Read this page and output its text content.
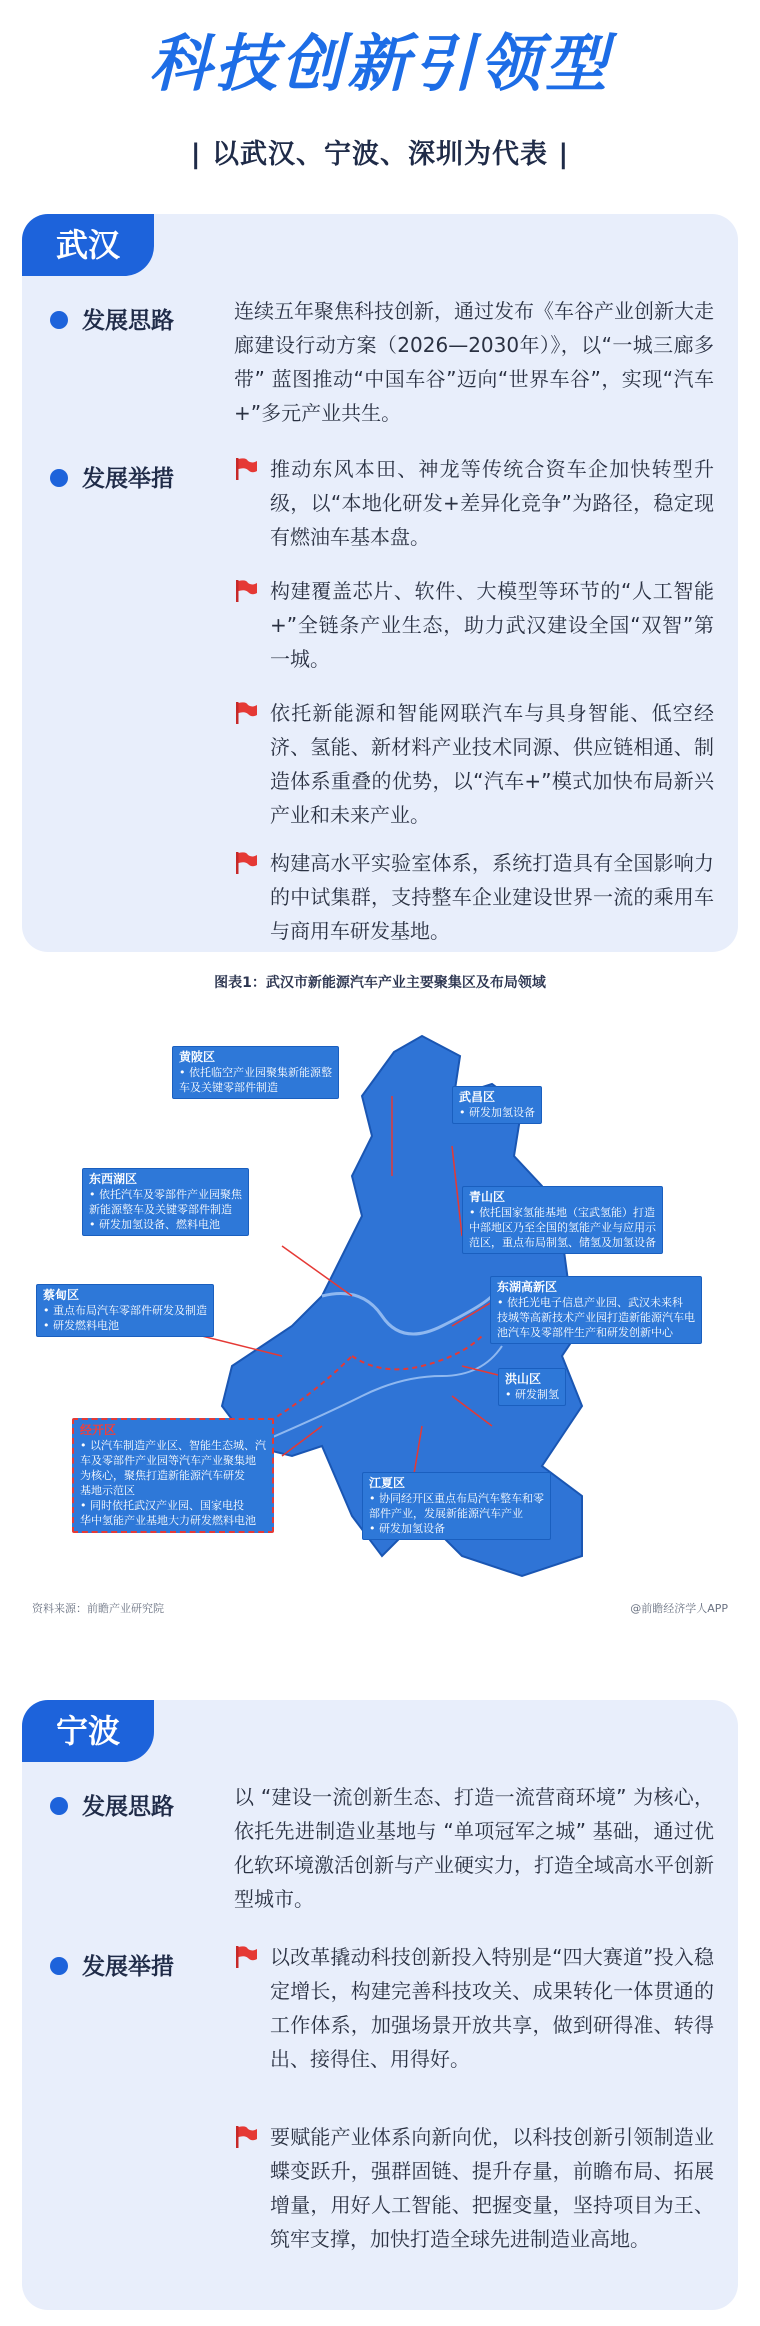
科技创新引领型
| 以武汉、宁波、深圳为代表 |
武汉
发展思路	连续五年聚焦科技创新，通过发布《车谷产业创新大走廊建设行动方案（2026—2030年）》，以“一城三廊多带” 蓝图推动“中国车谷”迈向“世界车谷”，实现“汽车+”多元产业共生。
发展举措	推动东风本田、神龙等传统合资车企加快转型升级，以“本地化研发+差异化竞争”为路径，稳定现有燃油车基本盘。
构建覆盖芯片、软件、大模型等环节的“人工智能+”全链条产业生态，助力武汉建设全国“双智”第一城。
依托新能源和智能网联汽车与具身智能、低空经济、氢能、新材料产业技术同源、供应链相通、制造体系重叠的优势，以“汽车+”模式加快布局新兴产业和未来产业。
构建高水平实验室体系，系统打造具有全国影响力的中试集群，支持整车企业建设世界一流的乘用车与商用车研发基地。
图表1：武汉市新能源汽车产业主要聚集区及布局领域
黄陂区
• 依托临空产业园聚集新能源整
车及关键零部件制造
武昌区
• 研发加氢设备
东西湖区
• 依托汽车及零部件产业园聚焦
新能源整车及关键零部件制造
• 研发加氢设备、燃料电池
青山区
• 依托国家氢能基地（宝武氢能）打造
中部地区乃至全国的氢能产业与应用示
范区，重点布局制氢、储氢及加氢设备
蔡甸区
• 重点布局汽车零部件研发及制造
• 研发燃料电池
东湖高新区
• 依托光电子信息产业园、武汉未来科
技城等高新技术产业园打造新能源汽车电
池汽车及零部件生产和研发创新中心
洪山区
• 研发制氢
经开区
• 以汽车制造产业区、智能生态城、汽
车及零部件产业园等汽车产业聚集地
为核心，聚焦打造新能源汽车研发
基地示范区
• 同时依托武汉产业园、国家电投
华中氢能产业基地大力研发燃料电池
江夏区
• 协同经开区重点布局汽车整车和零
部件产业，发展新能源汽车产业
• 研发加氢设备
资料来源：前瞻产业研究院	@前瞻经济学人APP
宁波
发展思路	以 “建设一流创新生态、打造一流营商环境” 为核心，依托先进制造业基地与 “单项冠军之城” 基础，通过优化软环境激活创新与产业硬实力，打造全域高水平创新型城市。
发展举措	以改革撬动科技创新投入特别是“四大赛道”投入稳定增长，构建完善科技攻关、成果转化一体贯通的工作体系，加强场景开放共享，做到研得准、转得出、接得住、用得好。
要赋能产业体系向新向优，以科技创新引领制造业蝶变跃升，强群固链、提升存量，前瞻布局、拓展增量，用好人工智能、把握变量，坚持项目为王、筑牢支撑，加快打造全球先进制造业高地。
